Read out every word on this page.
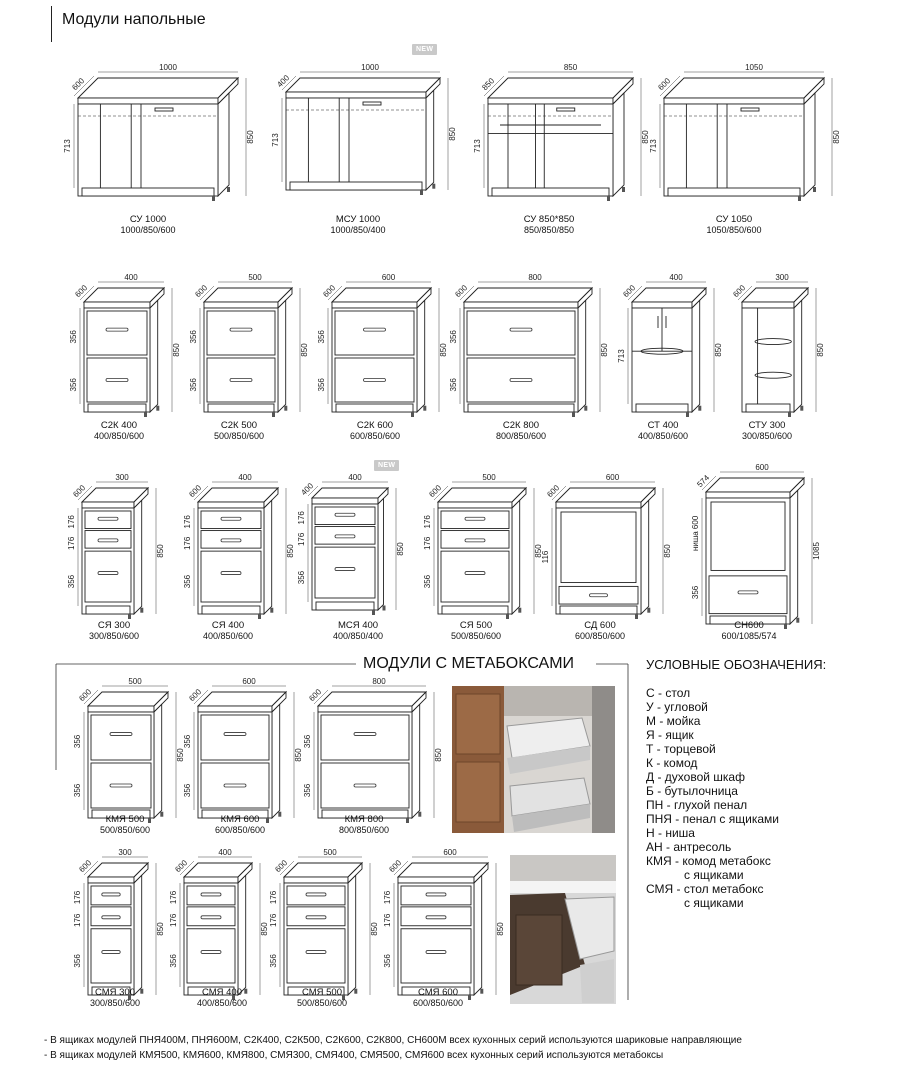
Модули напольные
NEW
NEW
1000
600
850
713
СУ 1000
1000/850/600
1000
400
850
713
МСУ 1000
1000/850/400
850
850
850
713
СУ 850*850
850/850/850
1050
600
850
713
СУ 1050
1050/850/600
400
600
850
356
356
С2К 400
400/850/600
500
600
850
356
356
С2К 500
500/850/600
600
600
850
356
356
С2К 600
600/850/600
800
600
850
356
356
С2К 800
800/850/600
400
600
850
713
СТ 400
400/850/600
300
600
850
СТУ 300
300/850/600
300
600
850
176
176
356
СЯ 300
300/850/600
400
600
850
176
176
356
СЯ 400
400/850/600
400
400
850
176
176
356
МСЯ 400
400/850/400
500
600
850
176
176
356
СЯ 500
500/850/600
600
600
850
116
СД 600
600/850/600
600
574
1085
ниша 600
356
СН600
600/1085/574
500
600
850
356
356
КМЯ 500
500/850/600
600
600
850
356
356
КМЯ 600
600/850/600
800
600
850
356
356
КМЯ 800
800/850/600
300
600
850
176
176
356
СМЯ 300
300/850/600
400
600
850
176
176
356
СМЯ 400
400/850/600
500
600
850
176
176
356
СМЯ 500
500/850/600
600
600
850
176
176
356
СМЯ 600
600/850/600
МОДУЛИ С МЕТАБОКСАМИ	УСЛОВНЫЕ ОБОЗНАЧЕНИЯ:
С - стол
У - угловой
М - мойка
Я - ящик
Т - торцевой
К - комод
Д - духовой шкаф
Б - бутылочница
ПН - глухой пенал
ПНЯ - пенал с ящиками
Н - ниша
АН - антресоль
КМЯ - комод метабокс
с ящиками
СМЯ - стол метабокс
с ящиками
- В ящиках модулей ПНЯ400М, ПНЯ600М, С2К400, С2К500, С2К600, С2К800, СН600М всех кухонных серий используются шариковые направляющие
- В ящиках модулей КМЯ500, КМЯ600, КМЯ800, СМЯ300, СМЯ400, СМЯ500, СМЯ600 всех кухонных серий используются метабоксы
